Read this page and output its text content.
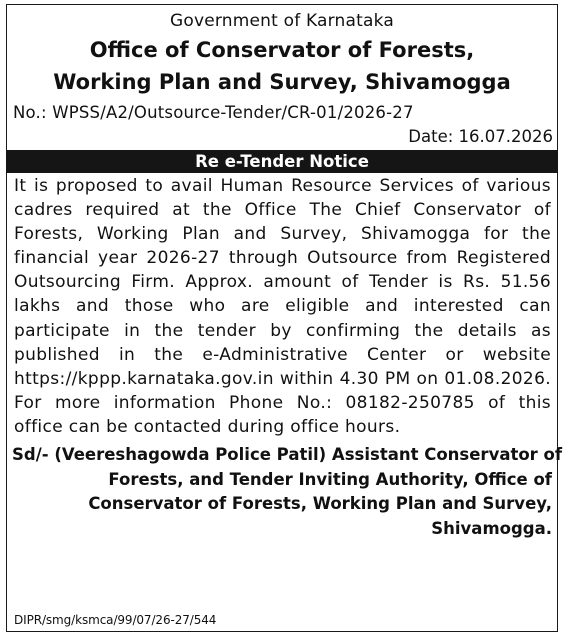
Government of Karnataka
Office of Conservator of Forests,
Working Plan and Survey, Shivamogga
No.: WPSS/A2/Outsource-Tender/CR-01/2026-27
Date: 16.07.2026
Re e-Tender Notice
It is proposed to avail Human Resource Services of various cadres required at the Office The Chief Conservator of Forests, Working Plan and Survey, Shivamogga for the financial year 2026-27 through Outsource from Registered Outsourcing Firm. Approx. amount of Tender is Rs. 51.56 lakhs and those who are eligible and interested can participate in the tender by confirming the details as published in the e-Administrative Center or website https://kppp.karnataka.gov.in within 4.30 PM on 01.08.2026. For more information Phone No.: 08182-250785 of this office can be contacted during office hours.
Sd/- (Veereshagowda Police Patil) Assistant Conservator of
Forests, and Tender Inviting Authority, Office of
Conservator of Forests, Working Plan and Survey,
Shivamogga.
DIPR/smg/ksmca/99/07/26-27/544
